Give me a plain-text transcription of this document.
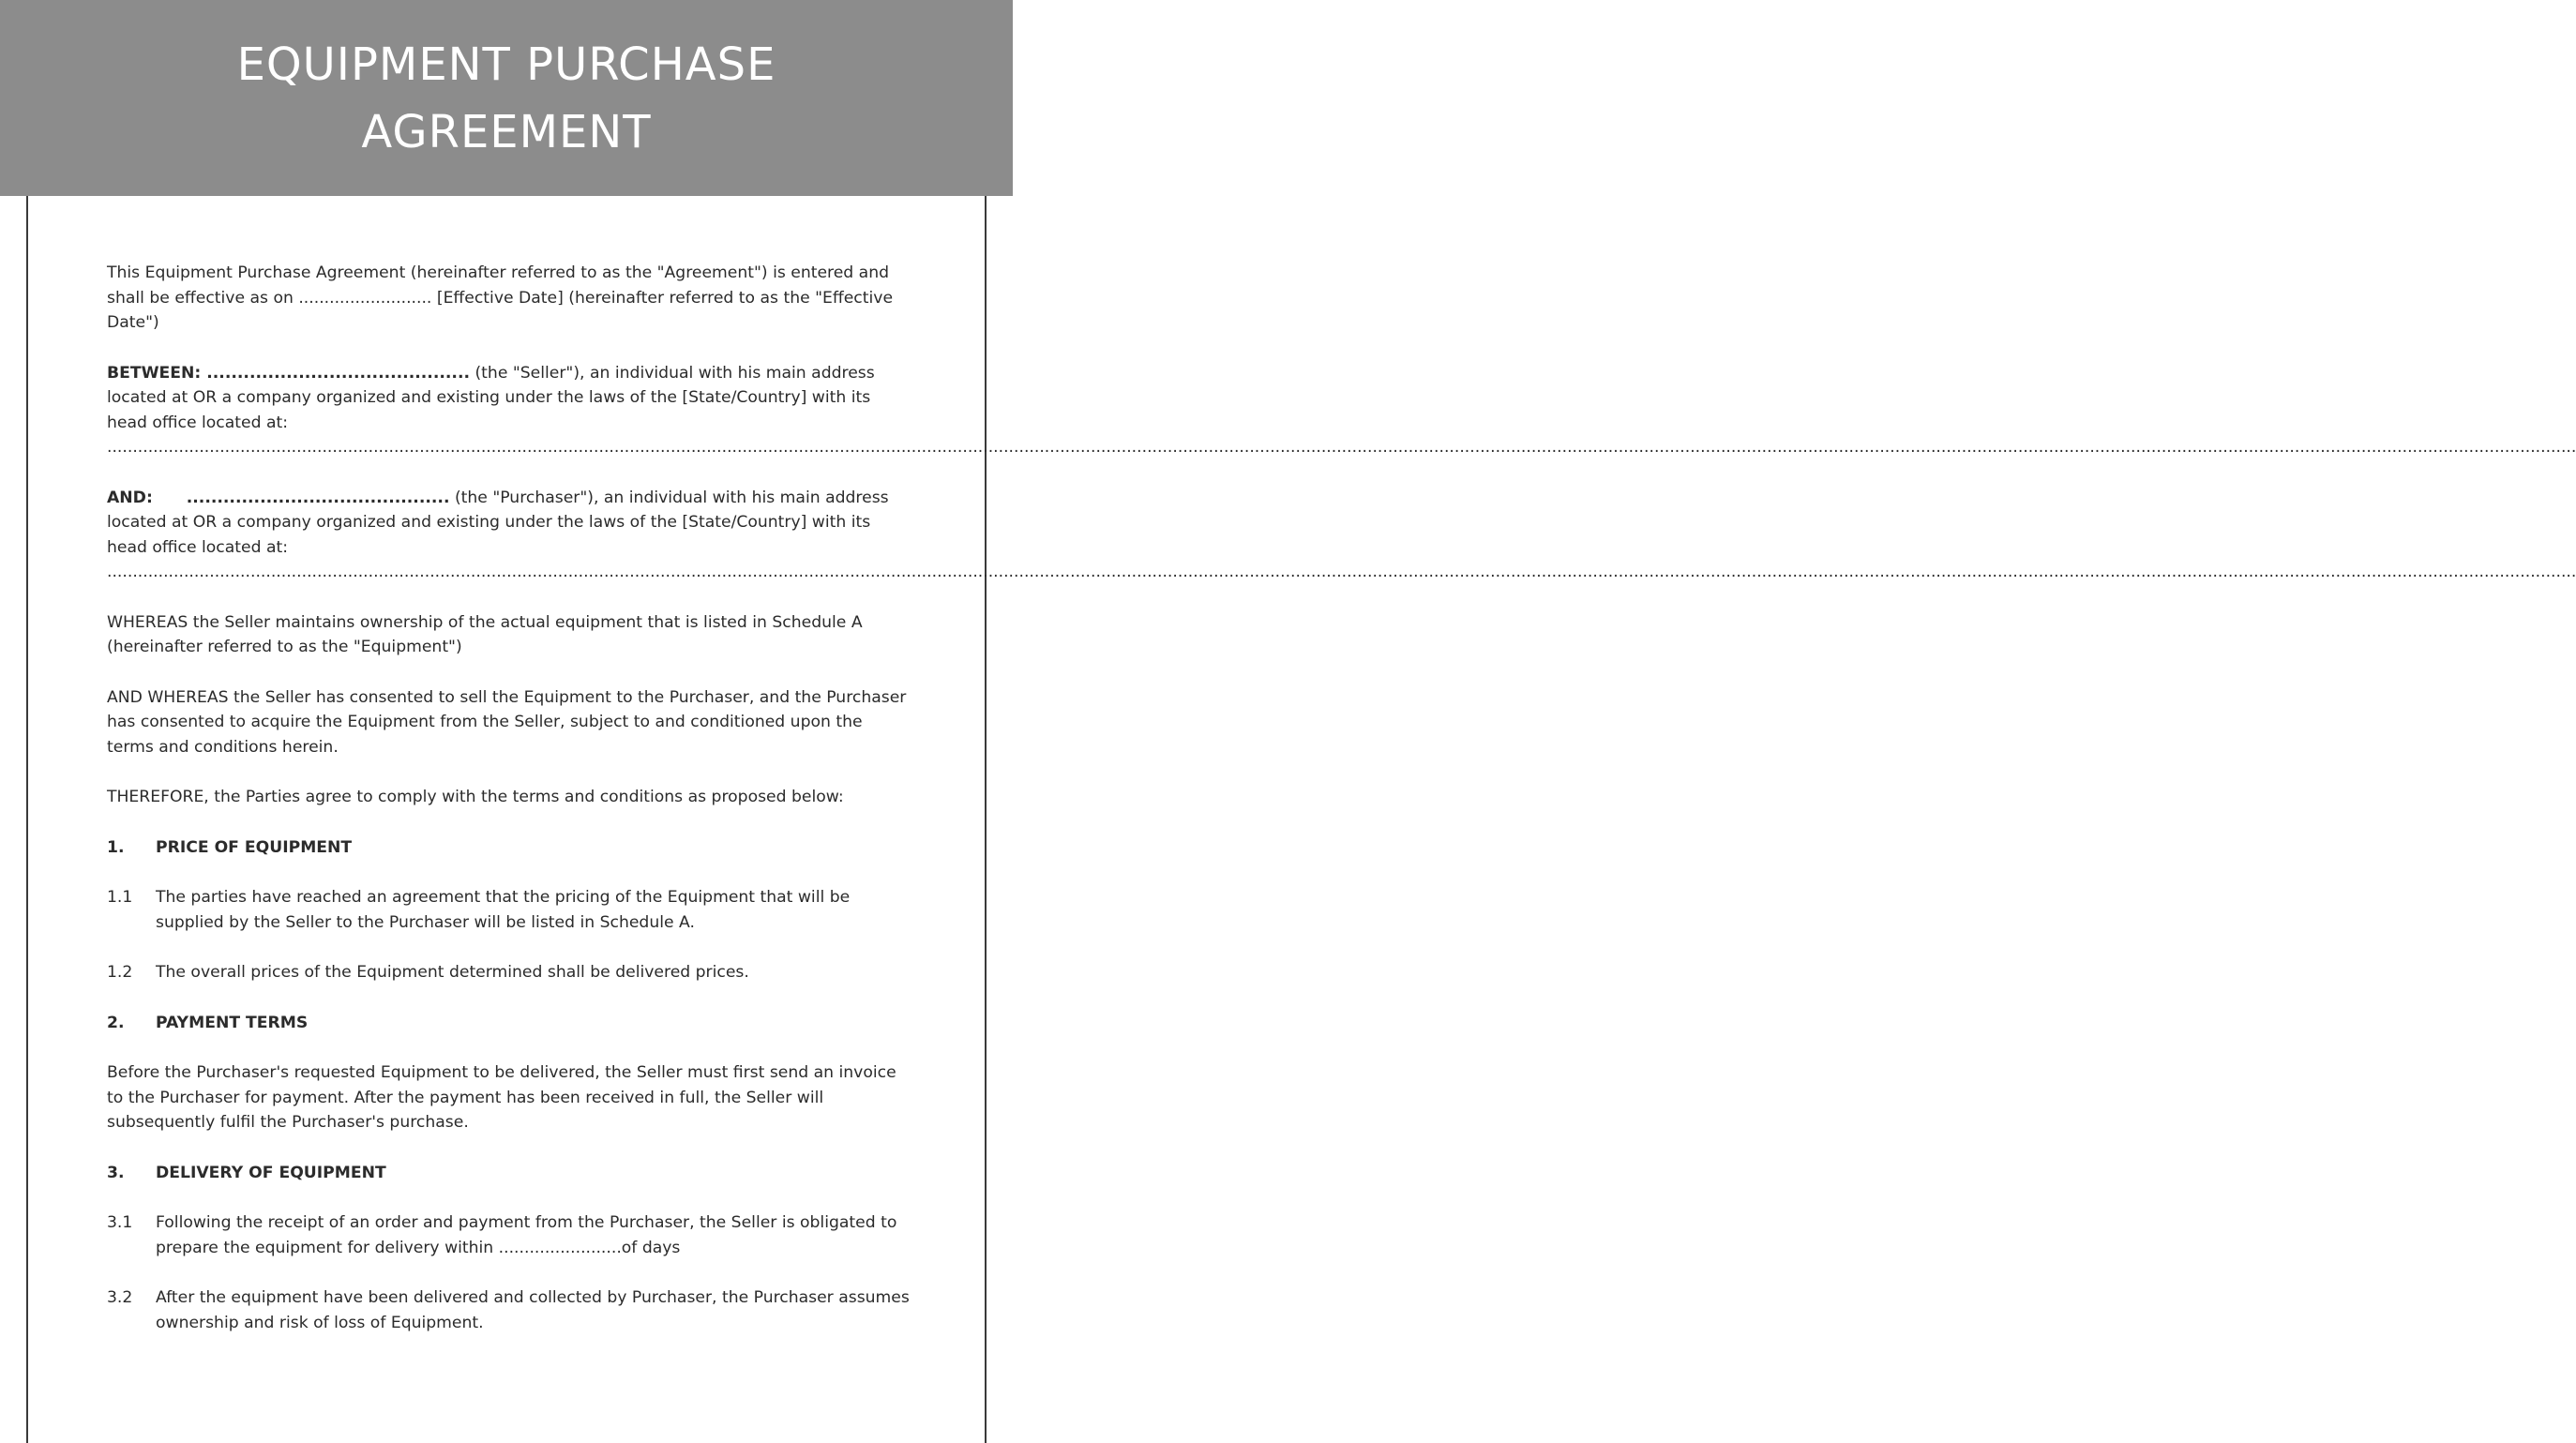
EQUIPMENT PURCHASE
AGREEMENT

This Equipment Purchase Agreement (hereinafter referred to as the "Agreement") is entered and shall be effective as on .......................... [Effective Date] (hereinafter referred to as the "Effective Date")

BETWEEN: ........................................... (the "Seller"), an individual with his main address located at OR a company organized and existing under the laws of the [State/Country] with its head office located at: ..................................................................................................................................................................................................................................................................................................................................................................................................................................................................................................

AND:      ........................................... (the "Purchaser"), an individual with his main address located at OR a company organized and existing under the laws of the [State/Country] with its head office located at: ..................................................................................................................................................................................................................................................................................................................................................................................................................................................................................................

WHEREAS the Seller maintains ownership of the actual equipment that is listed in Schedule A (hereinafter referred to as the "Equipment")

AND WHEREAS the Seller has consented to sell the Equipment to the Purchaser, and the Purchaser has consented to acquire the Equipment from the Seller, subject to and conditioned upon the terms and conditions herein.

THEREFORE, the Parties agree to comply with the terms and conditions as proposed below:

1.	PRICE OF EQUIPMENT
1.1	The parties have reached an agreement that the pricing of the Equipment that will be supplied by the Seller to the Purchaser will be listed in Schedule A.
1.2	The overall prices of the Equipment determined shall be delivered prices.
2.	PAYMENT TERMS

Before the Purchaser's requested Equipment to be delivered, the Seller must first send an invoice to the Purchaser for payment. After the payment has been received in full, the Seller will subsequently fulfil the Purchaser's purchase.

3.	DELIVERY OF EQUIPMENT
3.1	Following the receipt of an order and payment from the Purchaser, the Seller is obligated to prepare the equipment for delivery within ........................of days
3.2	After the equipment have been delivered and collected by Purchaser, the Purchaser assumes ownership and risk of loss of Equipment.
